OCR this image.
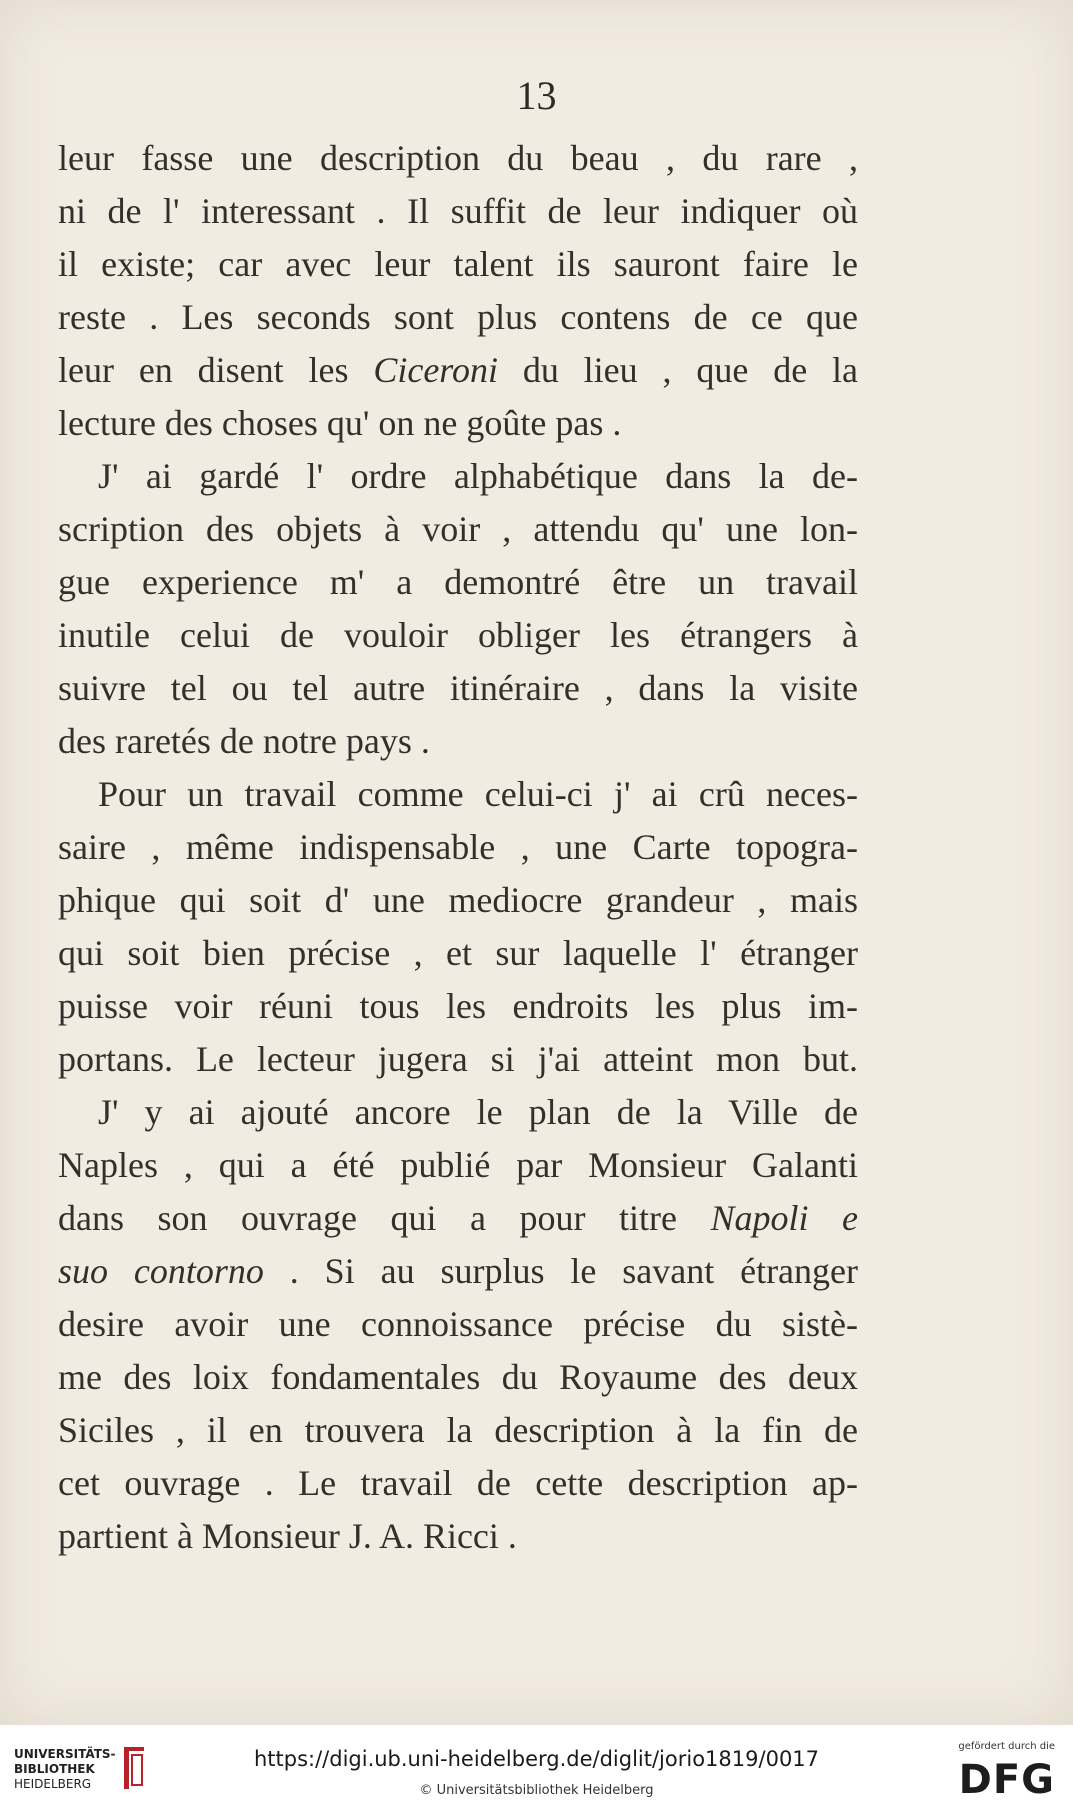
13
leur fasse une description du beau , du rare ,
ni de l' interessant . Il suffit de leur indiquer où
il existe; car avec leur talent ils sauront faire le
reste . Les seconds sont plus contens de ce que
leur en disent les Ciceroni du lieu , que de la
lecture des choses qu' on ne goûte pas .
J' ai gardé l' ordre alphabétique dans la de-
scription des objets à voir , attendu qu' une lon-
gue experience m' a demontré être un travail
inutile celui de vouloir obliger les étrangers à
suivre tel ou tel autre itinéraire , dans la visite
des raretés de notre pays .
Pour un travail comme celui-ci j' ai crû neces-
saire , même indispensable , une Carte topogra-
phique qui soit d' une mediocre grandeur , mais
qui soit bien précise , et sur laquelle l' étranger
puisse voir réuni tous les endroits les plus im-
portans. Le lecteur jugera si j'ai atteint mon but.
J' y ai ajouté ancore le plan de la Ville de
Naples , qui a été publié par Monsieur Galanti
dans son ouvrage qui a pour titre Napoli e
suo contorno . Si au surplus le savant étranger
desire avoir une connoissance précise du sistè-
me des loix fondamentales du Royaume des deux
Siciles , il en trouvera la description à la fin de
cet ouvrage . Le travail de cette description ap-
partient à Monsieur J. A. Ricci .
UNIVERSITÄTS-
BIBLIOTHEK
HEIDELBERG
https://digi.ub.uni-heidelberg.de/diglit/jorio1819/0017
© Universitätsbibliothek Heidelberg
gefördert durch die
DFG
